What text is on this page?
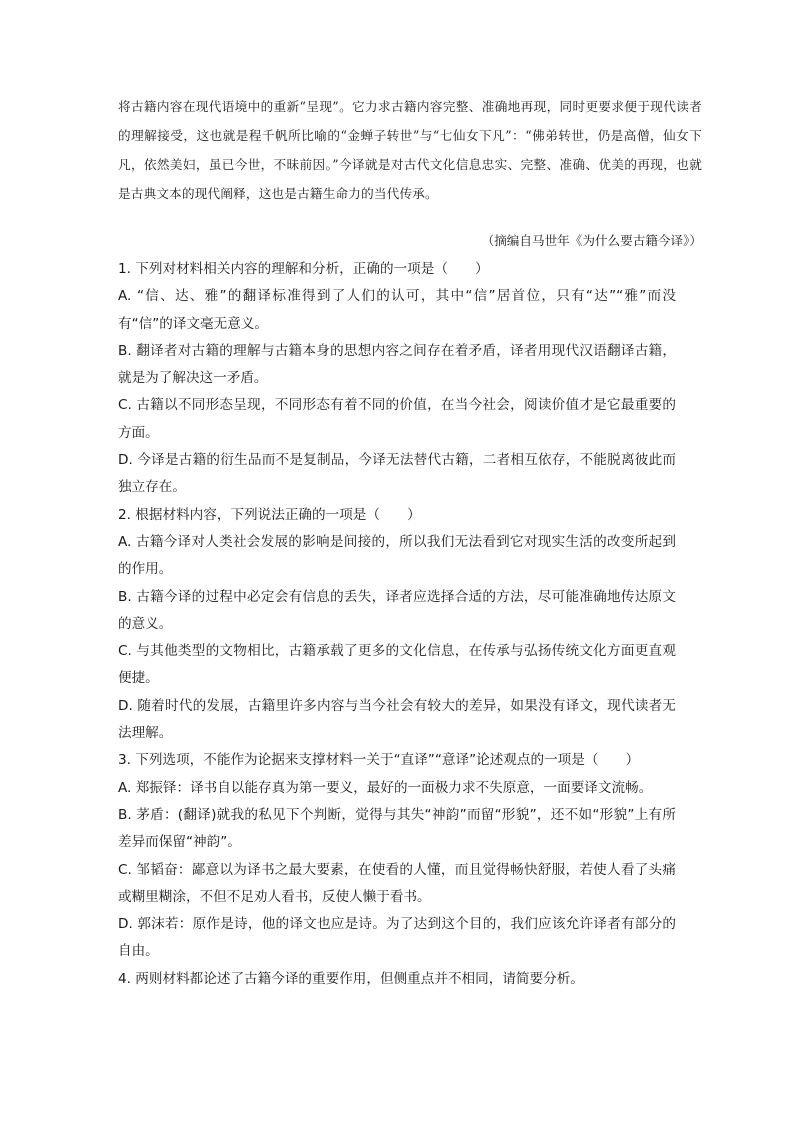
将古籍内容在现代语境中的重新“呈现”。它力求古籍内容完整、准确地再现，同时更要求便于现代读者的理解接受，这也就是程千帆所比喻的“金蝉子转世”与“七仙女下凡”：“佛弟转世，仍是高僧，仙女下凡，依然美妇，虽已今世，不昧前因。”今译就是对古代文化信息忠实、完整、准确、优美的再现，也就是古典文本的现代阐释，这也是古籍生命力的当代传承。

（摘编自马世年《为什么要古籍今译》）

1. 下列对材料相关内容的理解和分析，正确的一项是（　　）

A. “信、达、雅”的翻译标准得到了人们的认可，其中“信”居首位，只有“达”“雅”而没有“信”的译文毫无意义。

B. 翻译者对古籍的理解与古籍本身的思想内容之间存在着矛盾，译者用现代汉语翻译古籍，就是为了解决这一矛盾。

C. 古籍以不同形态呈现，不同形态有着不同的价值，在当今社会，阅读价值才是它最重要的方面。

D. 今译是古籍的衍生品而不是复制品，今译无法替代古籍，二者相互依存，不能脱离彼此而独立存在。

2. 根据材料内容，下列说法正确的一项是（　　）

A. 古籍今译对人类社会发展的影响是间接的，所以我们无法看到它对现实生活的改变所起到的作用。

B. 古籍今译的过程中必定会有信息的丢失，译者应选择合适的方法，尽可能准确地传达原文的意义。

C. 与其他类型的文物相比，古籍承载了更多的文化信息，在传承与弘扬传统文化方面更直观便捷。

D. 随着时代的发展，古籍里许多内容与当今社会有较大的差异，如果没有译文，现代读者无法理解。

3. 下列选项，不能作为论据来支撑材料一关于“直译”“意译”论述观点的一项是（　　）

A. 郑振铎：译书自以能存真为第一要义，最好的一面极力求不失原意，一面要译文流畅。

B. 茅盾：(翻译)就我的私见下个判断，觉得与其失“神韵”而留“形貌”，还不如“形貌”上有所差异而保留“神韵”。

C. 邹韬奋：鄙意以为译书之最大要素，在使看的人懂，而且觉得畅快舒服，若使人看了头痛或糊里糊涂，不但不足劝人看书，反使人懒于看书。

D. 郭沫若：原作是诗，他的译文也应是诗。为了达到这个目的，我们应该允许译者有部分的自由。

4. 两则材料都论述了古籍今译的重要作用，但侧重点并不相同，请简要分析。
